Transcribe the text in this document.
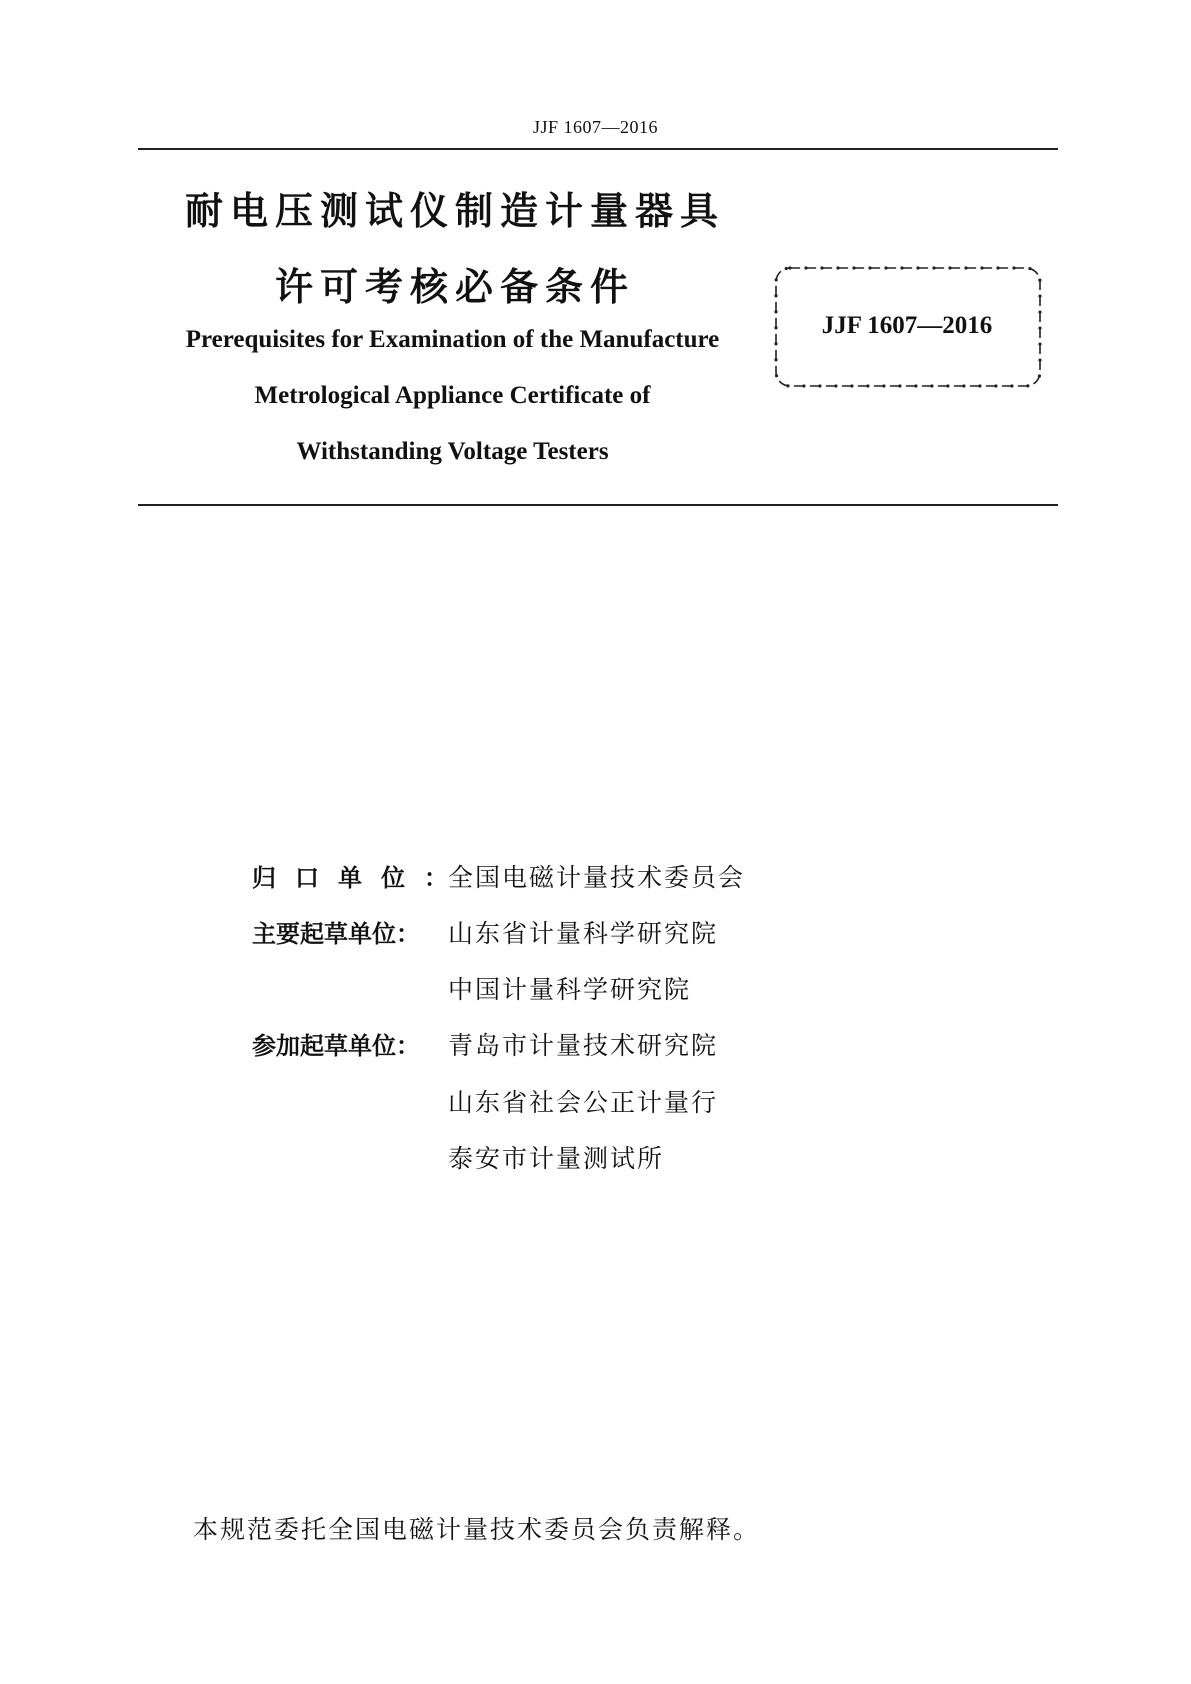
JJF 1607—2016
耐电压测试仪制造计量器具
许可考核必备条件
Prerequisites for Examination of the Manufacture
Metrological Appliance Certificate of
Withstanding Voltage Testers
JJF 1607—2016
归口单位：
全国电磁计量技术委员会
主要起草单位：	山东省计量科学研究院
中国计量科学研究院
参加起草单位：	青岛市计量技术研究院
山东省社会公正计量行
泰安市计量测试所
本规范委托全国电磁计量技术委员会负责解释。
